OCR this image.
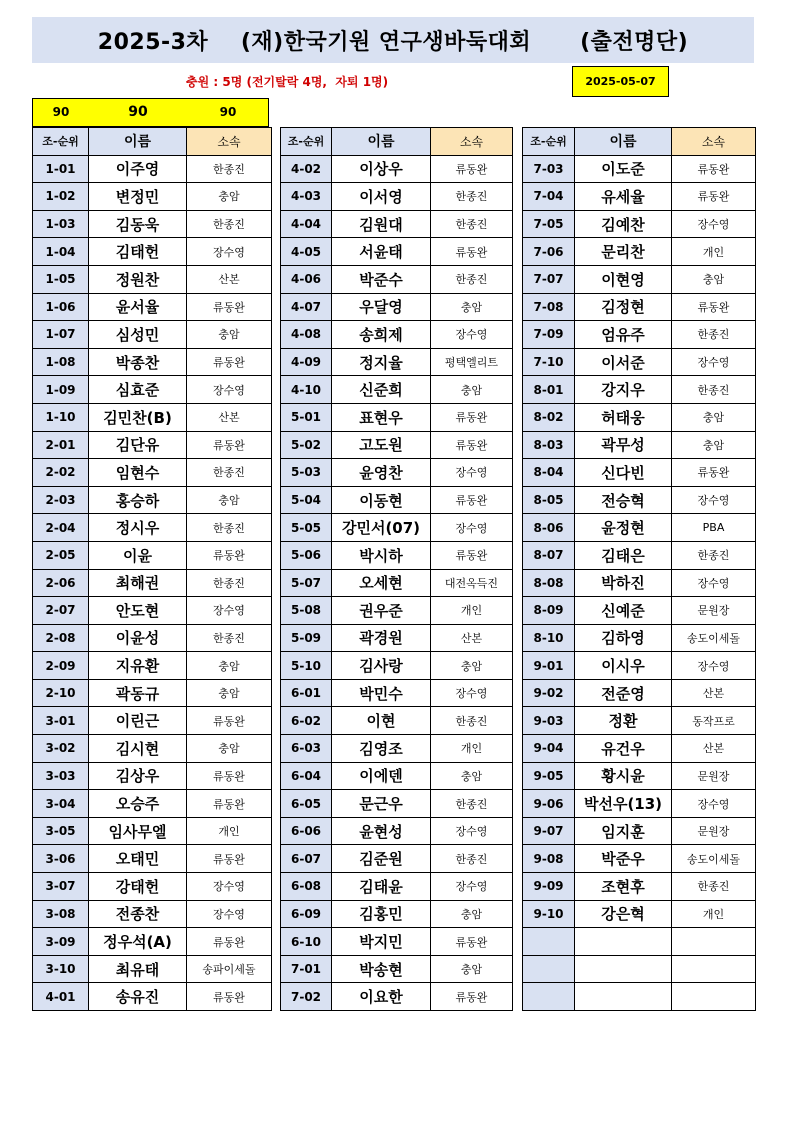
2025-3차
(재)한국기원 연구생바둑대회
(출전명단)
충원 : 5명 (전기탈락 4명,  자퇴 1명)	2025-05-07
90	90	90
조-순위	이름	소속
1-01	이주영	한종진
1-02	변정민	충암
1-03	김동욱	한종진
1-04	김태헌	장수영
1-05	정원찬	산본
1-06	윤서율	류동완
1-07	심성민	충암
1-08	박종찬	류동완
1-09	심효준	장수영
1-10	김민찬(B)	산본
2-01	김단유	류동완
2-02	임현수	한종진
2-03	홍승하	충암
2-04	정시우	한종진
2-05	이윤	류동완
2-06	최해권	한종진
2-07	안도현	장수영
2-08	이윤성	한종진
2-09	지유환	충암
2-10	곽동규	충암
3-01	이린근	류동완
3-02	김시현	충암
3-03	김상우	류동완
3-04	오승주	류동완
3-05	임사무엘	개인
3-06	오태민	류동완
3-07	강태헌	장수영
3-08	전종찬	장수영
3-09	정우석(A)	류동완
3-10	최유태	송파이세돌
4-01	송유진	류동완
조-순위	이름	소속
4-02	이상우	류동완
4-03	이서영	한종진
4-04	김원대	한종진
4-05	서윤태	류동완
4-06	박준수	한종진
4-07	우달영	충암
4-08	송희제	장수영
4-09	정지율	평택엘리트
4-10	신준희	충암
5-01	표현우	류동완
5-02	고도원	류동완
5-03	윤영찬	장수영
5-04	이동현	류동완
5-05	강민서(07)	장수영
5-06	박시하	류동완
5-07	오세현	대전옥득진
5-08	권우준	개인
5-09	곽경원	산본
5-10	김사랑	충암
6-01	박민수	장수영
6-02	이현	한종진
6-03	김영조	개인
6-04	이에덴	충암
6-05	문근우	한종진
6-06	윤현성	장수영
6-07	김준원	한종진
6-08	김태윤	장수영
6-09	김홍민	충암
6-10	박지민	류동완
7-01	박송현	충암
7-02	이요한	류동완
조-순위	이름	소속
7-03	이도준	류동완
7-04	유세율	류동완
7-05	김예찬	장수영
7-06	문리찬	개인
7-07	이현영	충암
7-08	김정현	류동완
7-09	엄유주	한종진
7-10	이서준	장수영
8-01	강지우	한종진
8-02	허태웅	충암
8-03	곽무성	충암
8-04	신다빈	류동완
8-05	전승혁	장수영
8-06	윤정현	PBA
8-07	김태은	한종진
8-08	박하진	장수영
8-09	신예준	문원장
8-10	김하영	송도이세돌
9-01	이시우	장수영
9-02	전준영	산본
9-03	정환	동작프로
9-04	유건우	산본
9-05	황시윤	문원장
9-06	박선우(13)	장수영
9-07	임지훈	문원장
9-08	박준우	송도이세돌
9-09	조현후	한종진
9-10	강은혁	개인
